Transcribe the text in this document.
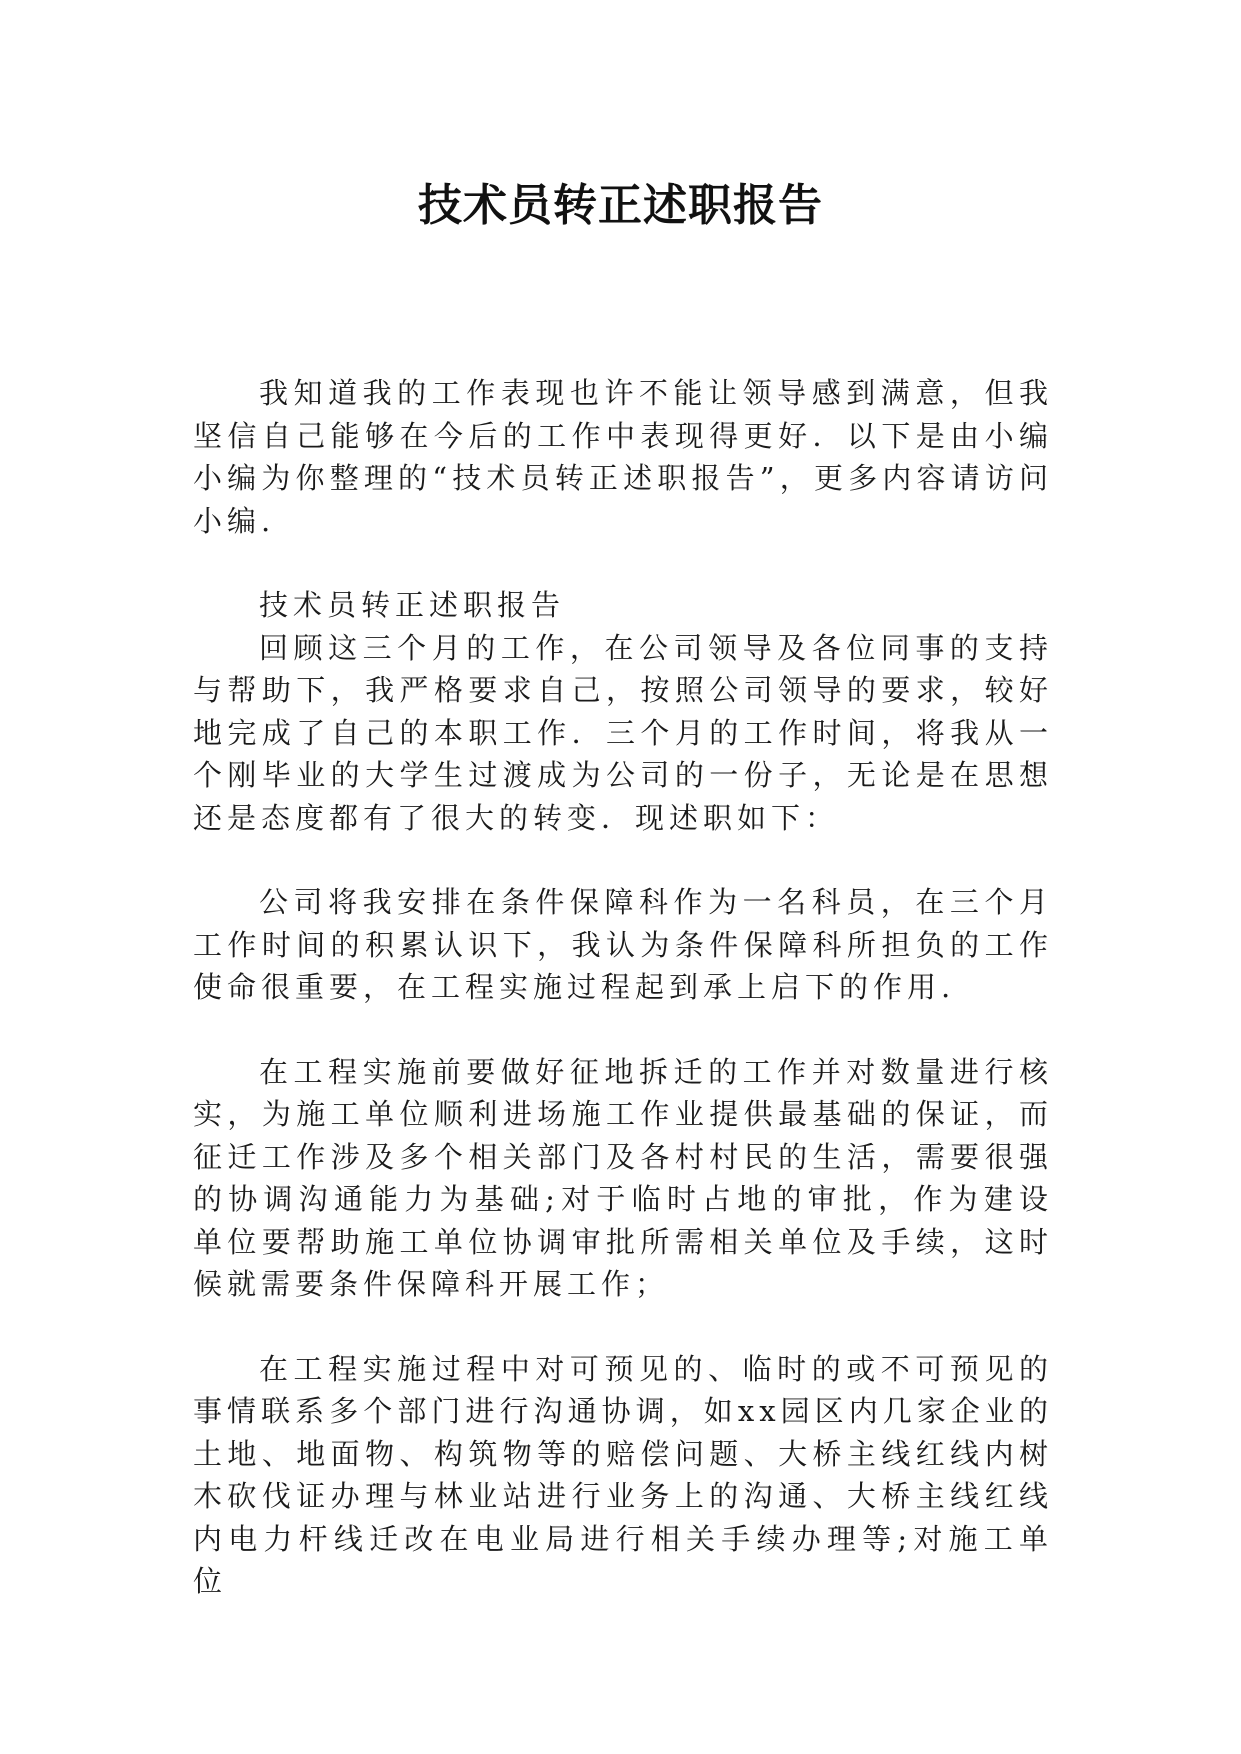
技术员转正述职报告

我知道我的工作表现也许不能让领导感到满意，但我坚信自己能够在今后的工作中表现得更好．以下是由小编小编为你整理的“技术员转正述职报告”，更多内容请访问小编.

技术员转正述职报告

回顾这三个月的工作，在公司领导及各位同事的支持与帮助下，我严格要求自己，按照公司领导的要求，较好地完成了自己的本职工作．三个月的工作时间，将我从一个刚毕业的大学生过渡成为公司的一份子，无论是在思想还是态度都有了很大的转变．现述职如下：

公司将我安排在条件保障科作为一名科员，在三个月工作时间的积累认识下，我认为条件保障科所担负的工作使命很重要，在工程实施过程起到承上启下的作用.

在工程实施前要做好征地拆迁的工作并对数量进行核实，为施工单位顺利进场施工作业提供最基础的保证，而征迁工作涉及多个相关部门及各村村民的生活，需要很强的协调沟通能力为基础;对于临时占地的审批，作为建设单位要帮助施工单位协调审批所需相关单位及手续，这时候就需要条件保障科开展工作；

在工程实施过程中对可预见的、临时的或不可预见的事情联系多个部门进行沟通协调，如xx园区内几家企业的土地、地面物、构筑物等的赔偿问题、大桥主线红线内树木砍伐证办理与林业站进行业务上的沟通、大桥主线红线内电力杆线迁改在电业局进行相关手续办理等;对施工单位
